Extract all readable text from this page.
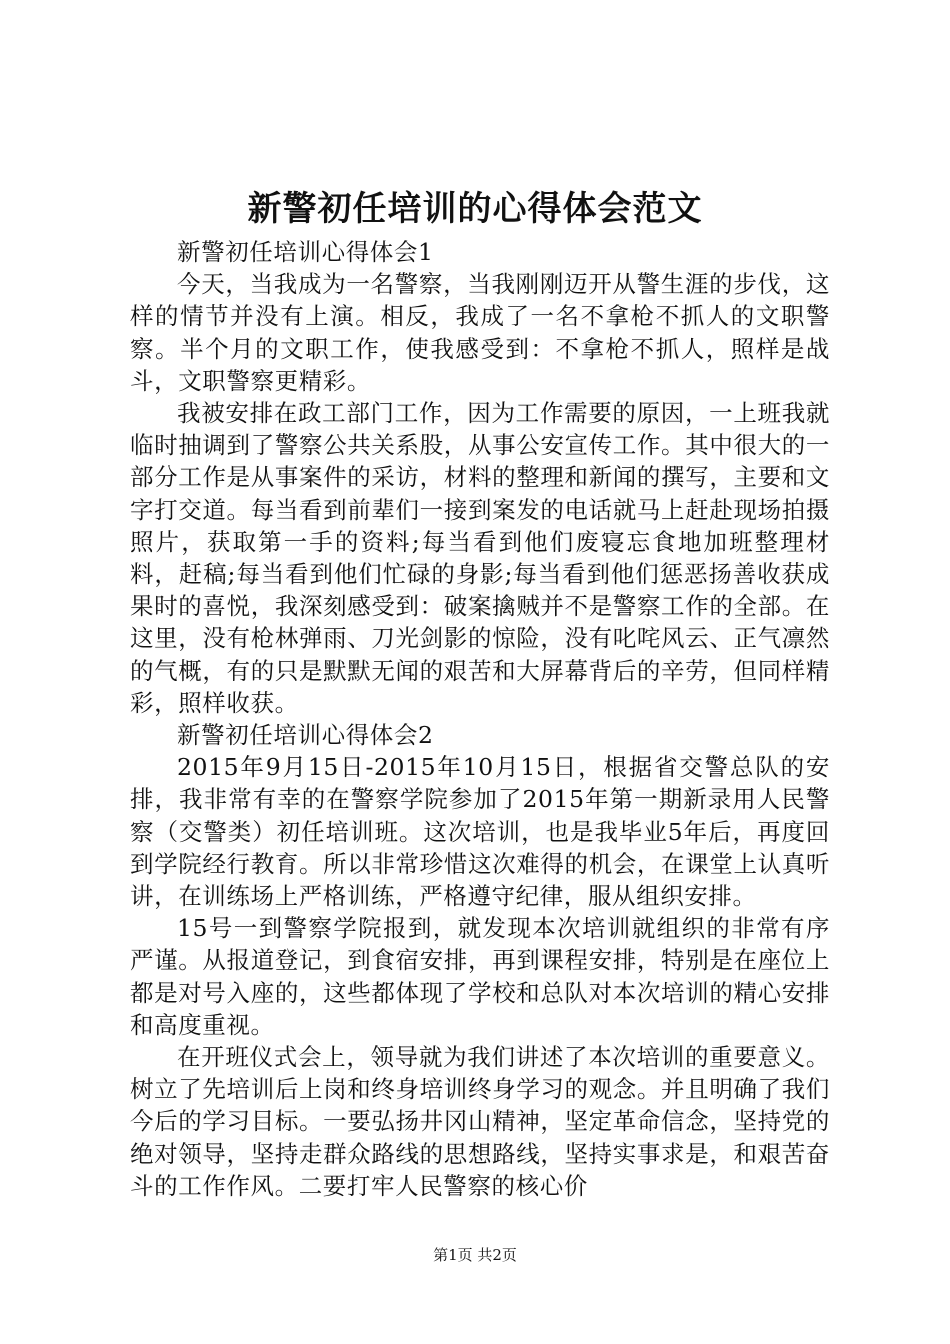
新警初任培训的心得体会范文

新警初任培训心得体会1

今天，当我成为一名警察，当我刚刚迈开从警生涯的步伐，这样的情节并没有上演。相反，我成了一名不拿枪不抓人的文职警察。半个月的文职工作，使我感受到：不拿枪不抓人，照样是战斗，文职警察更精彩。

我被安排在政工部门工作，因为工作需要的原因，一上班我就临时抽调到了警察公共关系股，从事公安宣传工作。其中很大的一部分工作是从事案件的采访，材料的整理和新闻的撰写，主要和文字打交道。每当看到前辈们一接到案发的电话就马上赶赴现场拍摄照片，获取第一手的资料;每当看到他们废寝忘食地加班整理材料，赶稿;每当看到他们忙碌的身影;每当看到他们惩恶扬善收获成果时的喜悦，我深刻感受到：破案擒贼并不是警察工作的全部。在这里，没有枪林弹雨、刀光剑影的惊险，没有叱咤风云、正气凛然的气概，有的只是默默无闻的艰苦和大屏幕背后的辛劳，但同样精彩，照样收获。

新警初任培训心得体会2

2015年9月15日-2015年10月15日，根据省交警总队的安排，我非常有幸的在警察学院参加了2015年第一期新录用人民警察（交警类）初任培训班。这次培训，也是我毕业5年后，再度回到学院经行教育。所以非常珍惜这次难得的机会，在课堂上认真听讲，在训练场上严格训练，严格遵守纪律，服从组织安排。

15号一到警察学院报到，就发现本次培训就组织的非常有序严谨。从报道登记，到食宿安排，再到课程安排，特别是在座位上都是对号入座的，这些都体现了学校和总队对本次培训的精心安排和高度重视。

在开班仪式会上，领导就为我们讲述了本次培训的重要意义。树立了先培训后上岗和终身培训终身学习的观念。并且明确了我们今后的学习目标。一要弘扬井冈山精神，坚定革命信念，坚持党的绝对领导，坚持走群众路线的思想路线，坚持实事求是，和艰苦奋斗的工作作风。二要打牢人民警察的核心价

第1页 共2页
